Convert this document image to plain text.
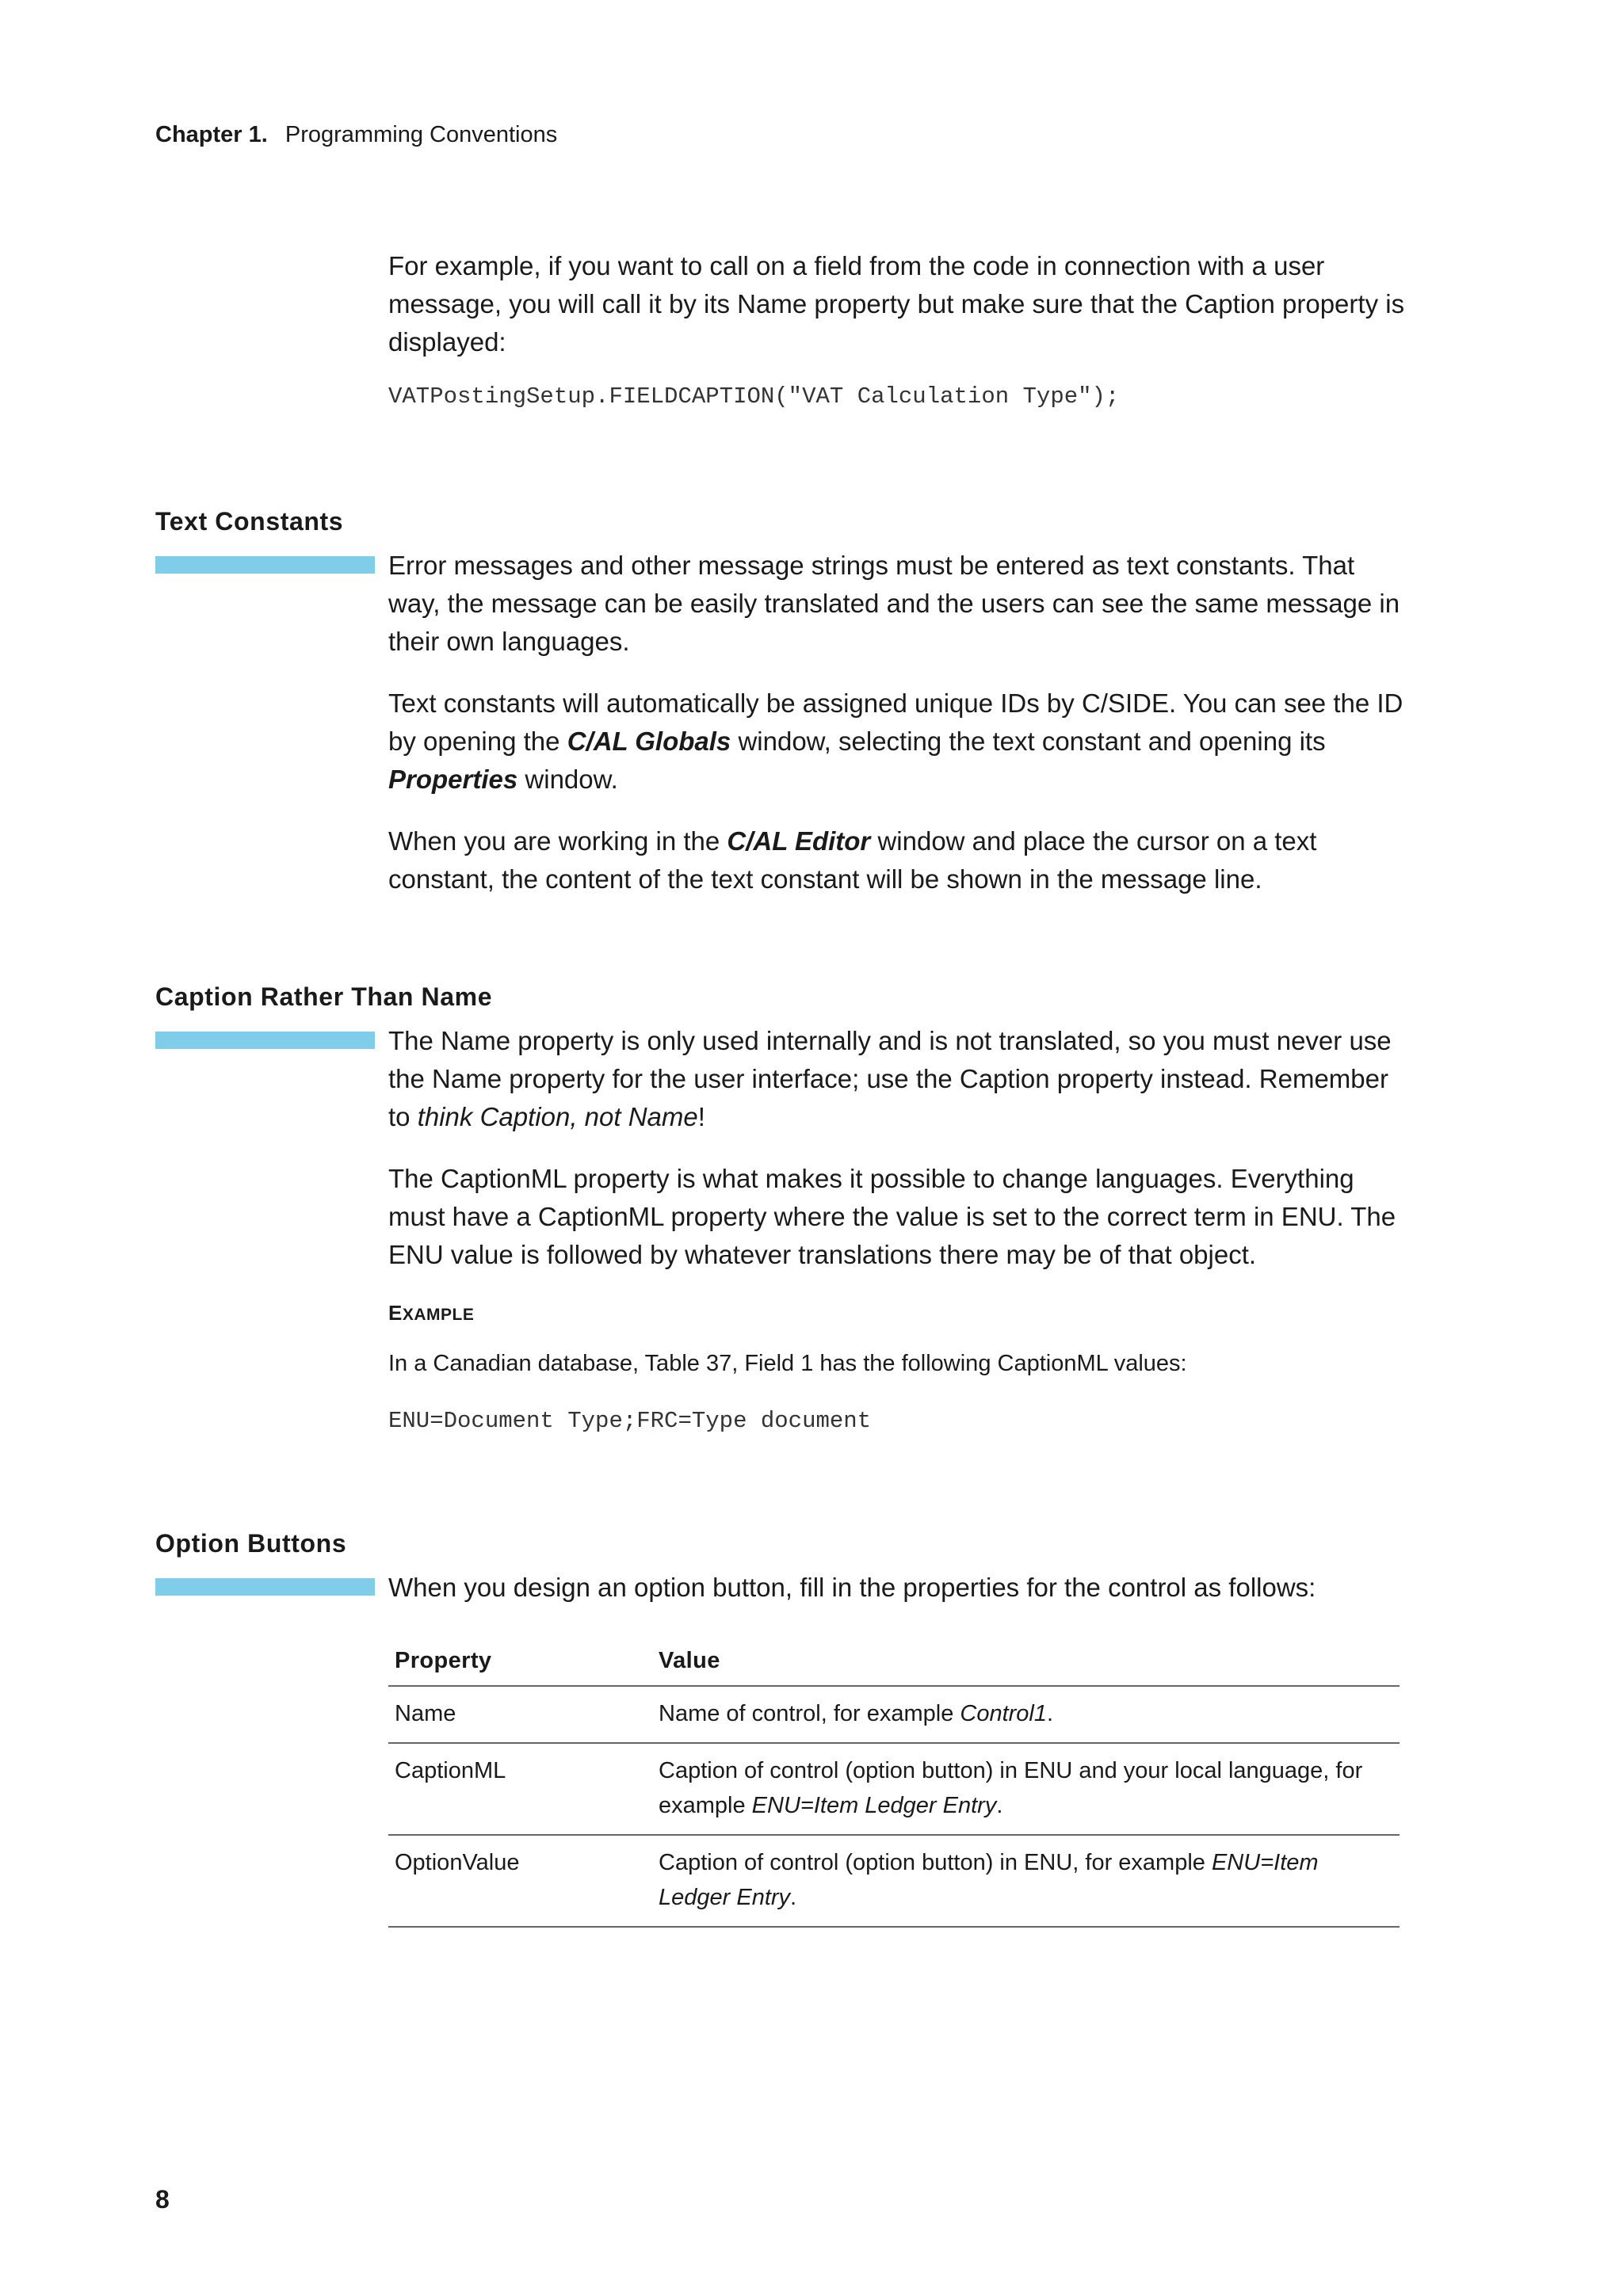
Chapter 1. Programming Conventions

For example, if you want to call on a field from the code in connection with a user message, you will call it by its Name property but make sure that the Caption property is displayed:

VATPostingSetup.FIELDCAPTION("VAT Calculation Type");

Text Constants

Error messages and other message strings must be entered as text constants. That way, the message can be easily translated and the users can see the same message in their own languages.

Text constants will automatically be assigned unique IDs by C/SIDE. You can see the ID by opening the C/AL Globals window, selecting the text constant and opening its Properties window.

When you are working in the C/AL Editor window and place the cursor on a text constant, the content of the text constant will be shown in the message line.

Caption Rather Than Name

The Name property is only used internally and is not translated, so you must never use the Name property for the user interface; use the Caption property instead. Remember to think Caption, not Name!

The CaptionML property is what makes it possible to change languages. Everything must have a CaptionML property where the value is set to the correct term in ENU. The ENU value is followed by whatever translations there may be of that object.

EXAMPLE

In a Canadian database, Table 37, Field 1 has the following CaptionML values:

ENU=Document Type;FRC=Type document

Option Buttons

When you design an option button, fill in the properties for the control as follows:

Property	Value
Name	Name of control, for example Control1.
CaptionML	Caption of control (option button) in ENU and your local language, for example ENU=Item Ledger Entry.
OptionValue	Caption of control (option button) in ENU, for example ENU=Item Ledger Entry.
8
